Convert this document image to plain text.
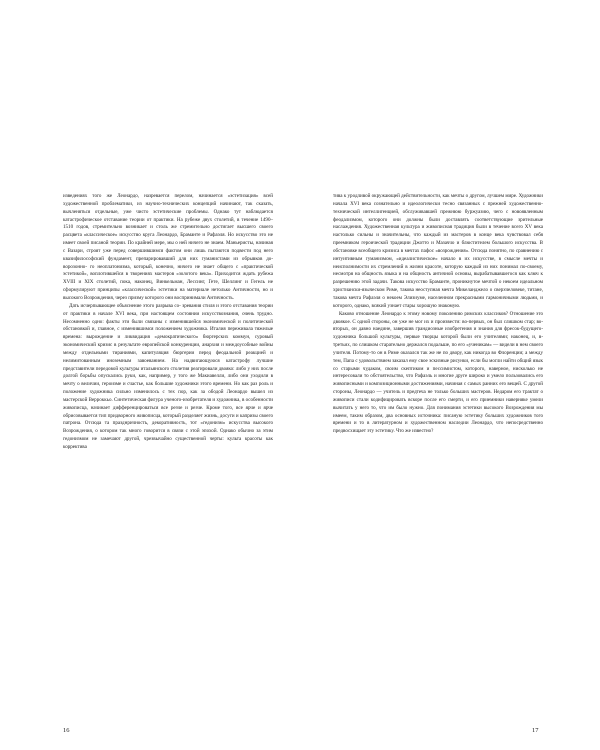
изведениях того же Леонардо, назревается перелом, начинается «эстетизация» всей художественной проблематики, из научно-технических концепций начинают, так сказать, вычленяться отдельные, уже чисто эстетические проблемы. Однако тут наблюдается катастрофическое отставание теории от практики. На рубеже двух столетий, в течение 1490–1510 годов, стремительно возникает и столь же стремительно достигает высшего своего расцвета «классическое» искусство круга Леонардо, Браманте и Рафаэля. Но искусство это не имеет своей писаной теории. По крайней мере, мы о ней ничего не знаем. Маньеристы, начиная с Вазари, строят уже перед совершившимся фактом они лишь пытаются подвести под него квазифилософский фундамент, препарировавший для них гуманистами из обрывков до-ворозонно- го неоплатонизма, который, конечно, ничего не знает общего с «практической эстетикой», воплотившейся в творениях мастеров «золотого века». Приходится ждать рубежа XVIII и XIX столетий, пока, наконец, Винкельман, Лессинг, Гете, Шеллинг и Гегель не сформулируют принципы «классической» эстетики на материале нетолько Античности, но и высокого Возрождения, через призму которого они воспринимали Античность.

Дать исчерпывающее объяснение этого разрыва со- зревания стиля и этого отставания теории от практики в начале XVI века, при настоящем состоянии искусствознания, очень трудно. Несомненно одно: факты эти были связаны с изменившейся экономической и политической обстановкой и, главное, с изменившимся положением художника. Италия переживала тяжелые времена: вырождение и ликвидация «демократического» бюргерских коммун, суровый экономический кризис в результате европейской конкуренции, анархия и междоусобные войны между отдельными тираниями, капитуляция бюргерии перед феодальной реакцией и нелимитованным иноземным завоеванием. На надвигающуюся катастрофу лучшие представители передовой культуры итальянского столетия реагировали двояко: либо у них после долгой борьбы опускались руки, как, например, у того же Макиавелли, либо они уходили в мечту о величии, героизме и счастье, как большие художники этого времени. Но как раз роль и положение художника сильно изменилось с тех пор, как за ободой Леонардо вышел из мастерской Верроккьо. Синтетическая фигура ученого-изобретателя и художника, в особенности живописца, начинает дифференцироваться все резче и резче. Кроме того, все ярче и ярче обрисовывается тип придворного живописца, который разделяет жизнь, досуги и капризы своего патрона. Отсюда та празднричность, декоративность, тот «гедонизм» искусства высокого Возрождения, о котором так много говорится в связи с этой эпохой. Однако обычно за этим гедонизмом не замечают другой, чрезвычайно существенной черты: культа красоты как корректива

16

тива к уродливой окружающей действительности, как мечты о другом, лучшем мире. Художники начала XVI века сознательно и идеологически тесно связанных с прежней художественно-технической интеллигенцией, обслуживавшей прежнюю буржуазию, чего с новоявленным феодализмом, которого они должны были доставлять соответствующие зрительные наслаждения. Художественная культура и живописная традиция были в течение всего XV века настолько сильны и значительны, что каждый из мастеров в конце века чувствовал себя преемником героической традиции Джотто и Мазаччо и блюстителем большого искусства. В обстановке всеобщего кризиса в мечтах пафос «возрождения». Отсюда понятно, по сравнению с интуитивным гуманизмом, «идеалистическое» начало в их искусстве, в смысле мечты и неисполнимости их стремлений в жизни красоте, которую каждый из них понимал по-своему, несмотря на общность языка и на общность античной основы, вырабатывавшегося как ключ к разрешению этой задачи. Такова искусство Браманте, проникнутое мечтой о некоем идеальном христиански-языческом Риме, такова неоступная мечта Микеланджело о сверхчеловеке, титане, такова мечта Рафаэля о некоем Элизиуме, населенном прекрасными гармоничными людьми, и которого, однако, всякий узнает стары хорошую знакомую.

Каково отношение Леонардо к этому новому поколению римских классиков? Отношение это двоякое. С одной стороны, он уже не мог их и произвести: во-первых, он был слишком стар; во-вторых, он давно наедине, завершив грандиозные изобретения и знания для фресок-будущего-художника большой культуры, первые творцы которой были его учителями; наконец, и, в-третьих, по слишком старательно держался подальше, по его «ученикам» — видели в нем своего учителя. Потому-то он в Риме оказался так же не по двору, как никогда во Флоренции; а между тем, Папа с удовольствием заказал ему свое эскизные рисунки, если бы могли найти общий язык со старыми чудаком, своим скептиком и пессимистом, которого, наверное, нисколько не интересовали то обстоятельство, что Рафаэль и многие друге широко и умело пользовались его живописными и композиционными достижениями, начиная с самых ранних его вещей. С другой стороны, Леонардо — учитель и предтеча не только больших мастеров. Недаром его трактат о живописи стали кодифицировать вскоре после его смерти, и его приемники наверняке умели вычитать у него то, что им было нужно. Для понимания эстетики высокого Возрождения мы имеем, таким образом, два основных источника: писаную эстетику больших художников того времени и то в литературном и художественном наследии Леонардо, что непосредственно предвосхищает эту эстетику. Что же известно?

17
